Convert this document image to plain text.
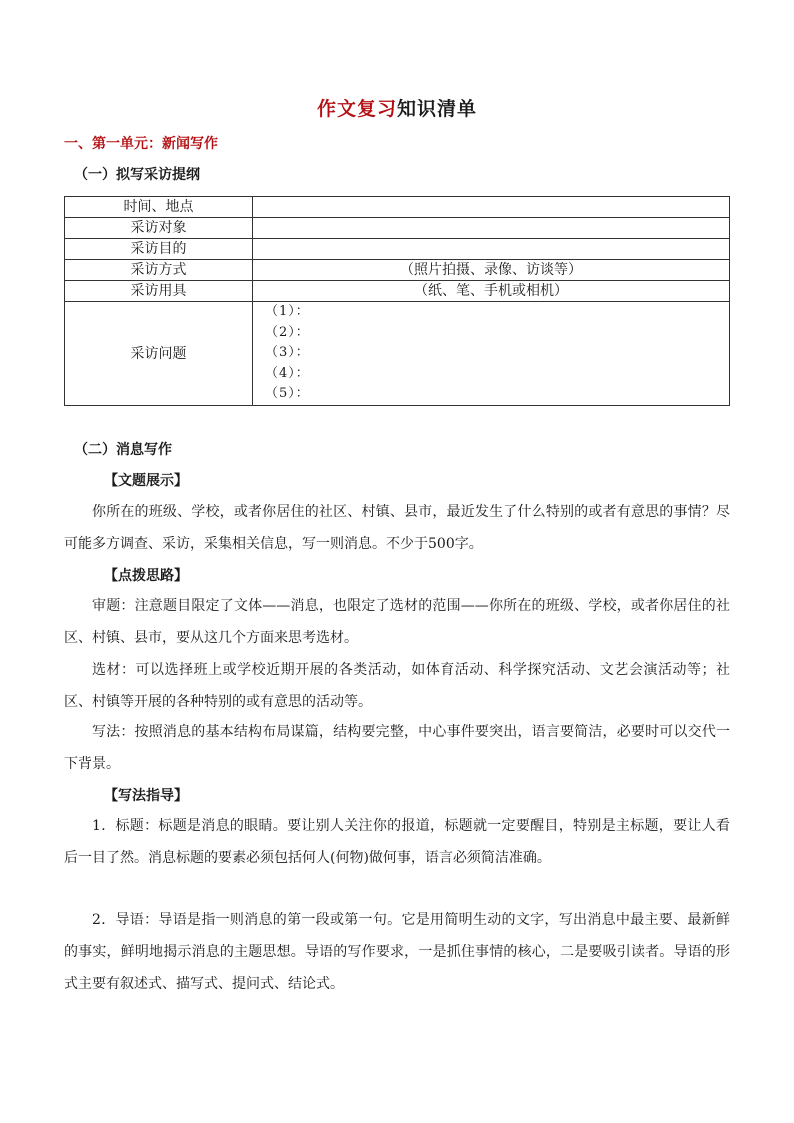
作文复习知识清单
一、第一单元：新闻写作
（一）拟写采访提纲
时间、地点	
采访对象	
采访目的	
采访方式	（照片拍摄、录像、访谈等）
采访用具	（纸、笔、手机或相机）
采访问题	（1）：
（2）：
（3）：
（4）：
（5）：
（二）消息写作
【文题展示】

你所在的班级、学校，或者你居住的社区、村镇、县市，最近发生了什么特别的或者有意思的事情？尽可能多方调查、采访，采集相关信息，写一则消息。不少于500字。

【点拨思路】

审题：注意题目限定了文体——消息，也限定了选材的范围——你所在的班级、学校，或者你居住的社区、村镇、县市，要从这几个方面来思考选材。

选材：可以选择班上或学校近期开展的各类活动，如体育活动、科学探究活动、文艺会演活动等；社区、村镇等开展的各种特别的或有意思的活动等。

写法：按照消息的基本结构布局谋篇，结构要完整，中心事件要突出，语言要简洁，必要时可以交代一下背景。

【写法指导】

1．标题：标题是消息的眼睛。要让别人关注你的报道，标题就一定要醒目，特别是主标题，要让人看后一目了然。消息标题的要素必须包括何人(何物)做何事，语言必须简洁准确。

2．导语：导语是指一则消息的第一段或第一句。它是用简明生动的文字，写出消息中最主要、最新鲜的事实，鲜明地揭示消息的主题思想。导语的写作要求，一是抓住事情的核心，二是要吸引读者。导语的形式主要有叙述式、描写式、提问式、结论式。
